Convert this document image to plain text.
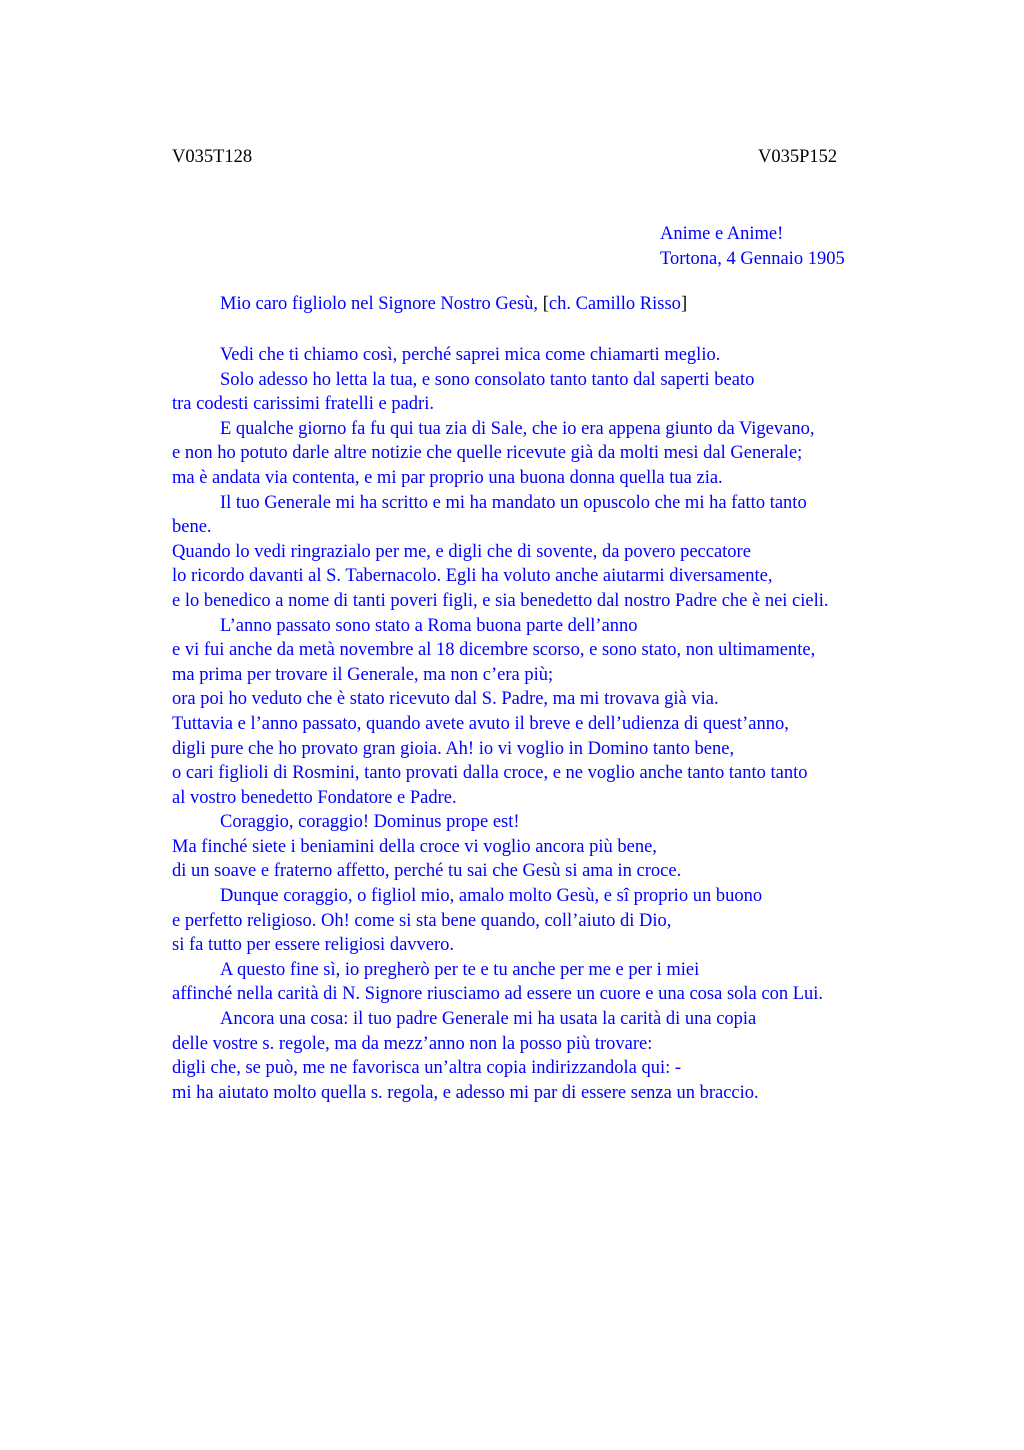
V035T128	V035P152
Anime e Anime!
Tortona, 4 Gennaio 1905
Mio caro figliolo nel Signore Nostro Gesù, [ch. Camillo Risso]
Vedi che ti chiamo così, perché saprei mica come chiamarti meglio.
Solo adesso ho letta la tua, e sono consolato tanto tanto dal saperti beato
tra codesti carissimi fratelli e padri.
E qualche giorno fa fu qui tua zia di Sale, che io era appena giunto da Vigevano,
e non ho potuto darle altre notizie che quelle ricevute già da molti mesi dal Generale;
ma è andata via contenta, e mi par proprio una buona donna quella tua zia.
Il tuo Generale mi ha scritto e mi ha mandato un opuscolo che mi ha fatto tanto
bene.
Quando lo vedi ringrazialo per me, e digli che di sovente, da povero peccatore
lo ricordo davanti al S. Tabernacolo. Egli ha voluto anche aiutarmi diversamente,
e lo benedico a nome di tanti poveri figli, e sia benedetto dal nostro Padre che è nei cieli.
L’anno passato sono stato a Roma buona parte dell’anno
e vi fui anche da metà novembre al 18 dicembre scorso, e sono stato, non ultimamente,
ma prima per trovare il Generale, ma non c’era più;
ora poi ho veduto che è stato ricevuto dal S. Padre, ma mi trovava già via.
Tuttavia e l’anno passato, quando avete avuto il breve e dell’udienza di quest’anno,
digli pure che ho provato gran gioia. Ah! io vi voglio in Domino tanto bene,
o cari figlioli di Rosmini, tanto provati dalla croce, e ne voglio anche tanto tanto tanto
al vostro benedetto Fondatore e Padre.
Coraggio, coraggio! Dominus prope est!
Ma finché siete i beniamini della croce vi voglio ancora più bene,
di un soave e fraterno affetto, perché tu sai che Gesù si ama in croce.
Dunque coraggio, o figliol mio, amalo molto Gesù, e sî proprio un buono
e perfetto religioso. Oh! come si sta bene quando, coll’aiuto di Dio,
si fa tutto per essere religiosi davvero.
A questo fine sì, io pregherò per te e tu anche per me e per i miei
affinché nella carità di N. Signore riusciamo ad essere un cuore e una cosa sola con Lui.
Ancora una cosa: il tuo padre Generale mi ha usata la carità di una copia
delle vostre s. regole, ma da mezz’anno non la posso più trovare:
digli che, se può, me ne favorisca un’altra copia indirizzandola qui: -
mi ha aiutato molto quella s. regola, e adesso mi par di essere senza un braccio.
